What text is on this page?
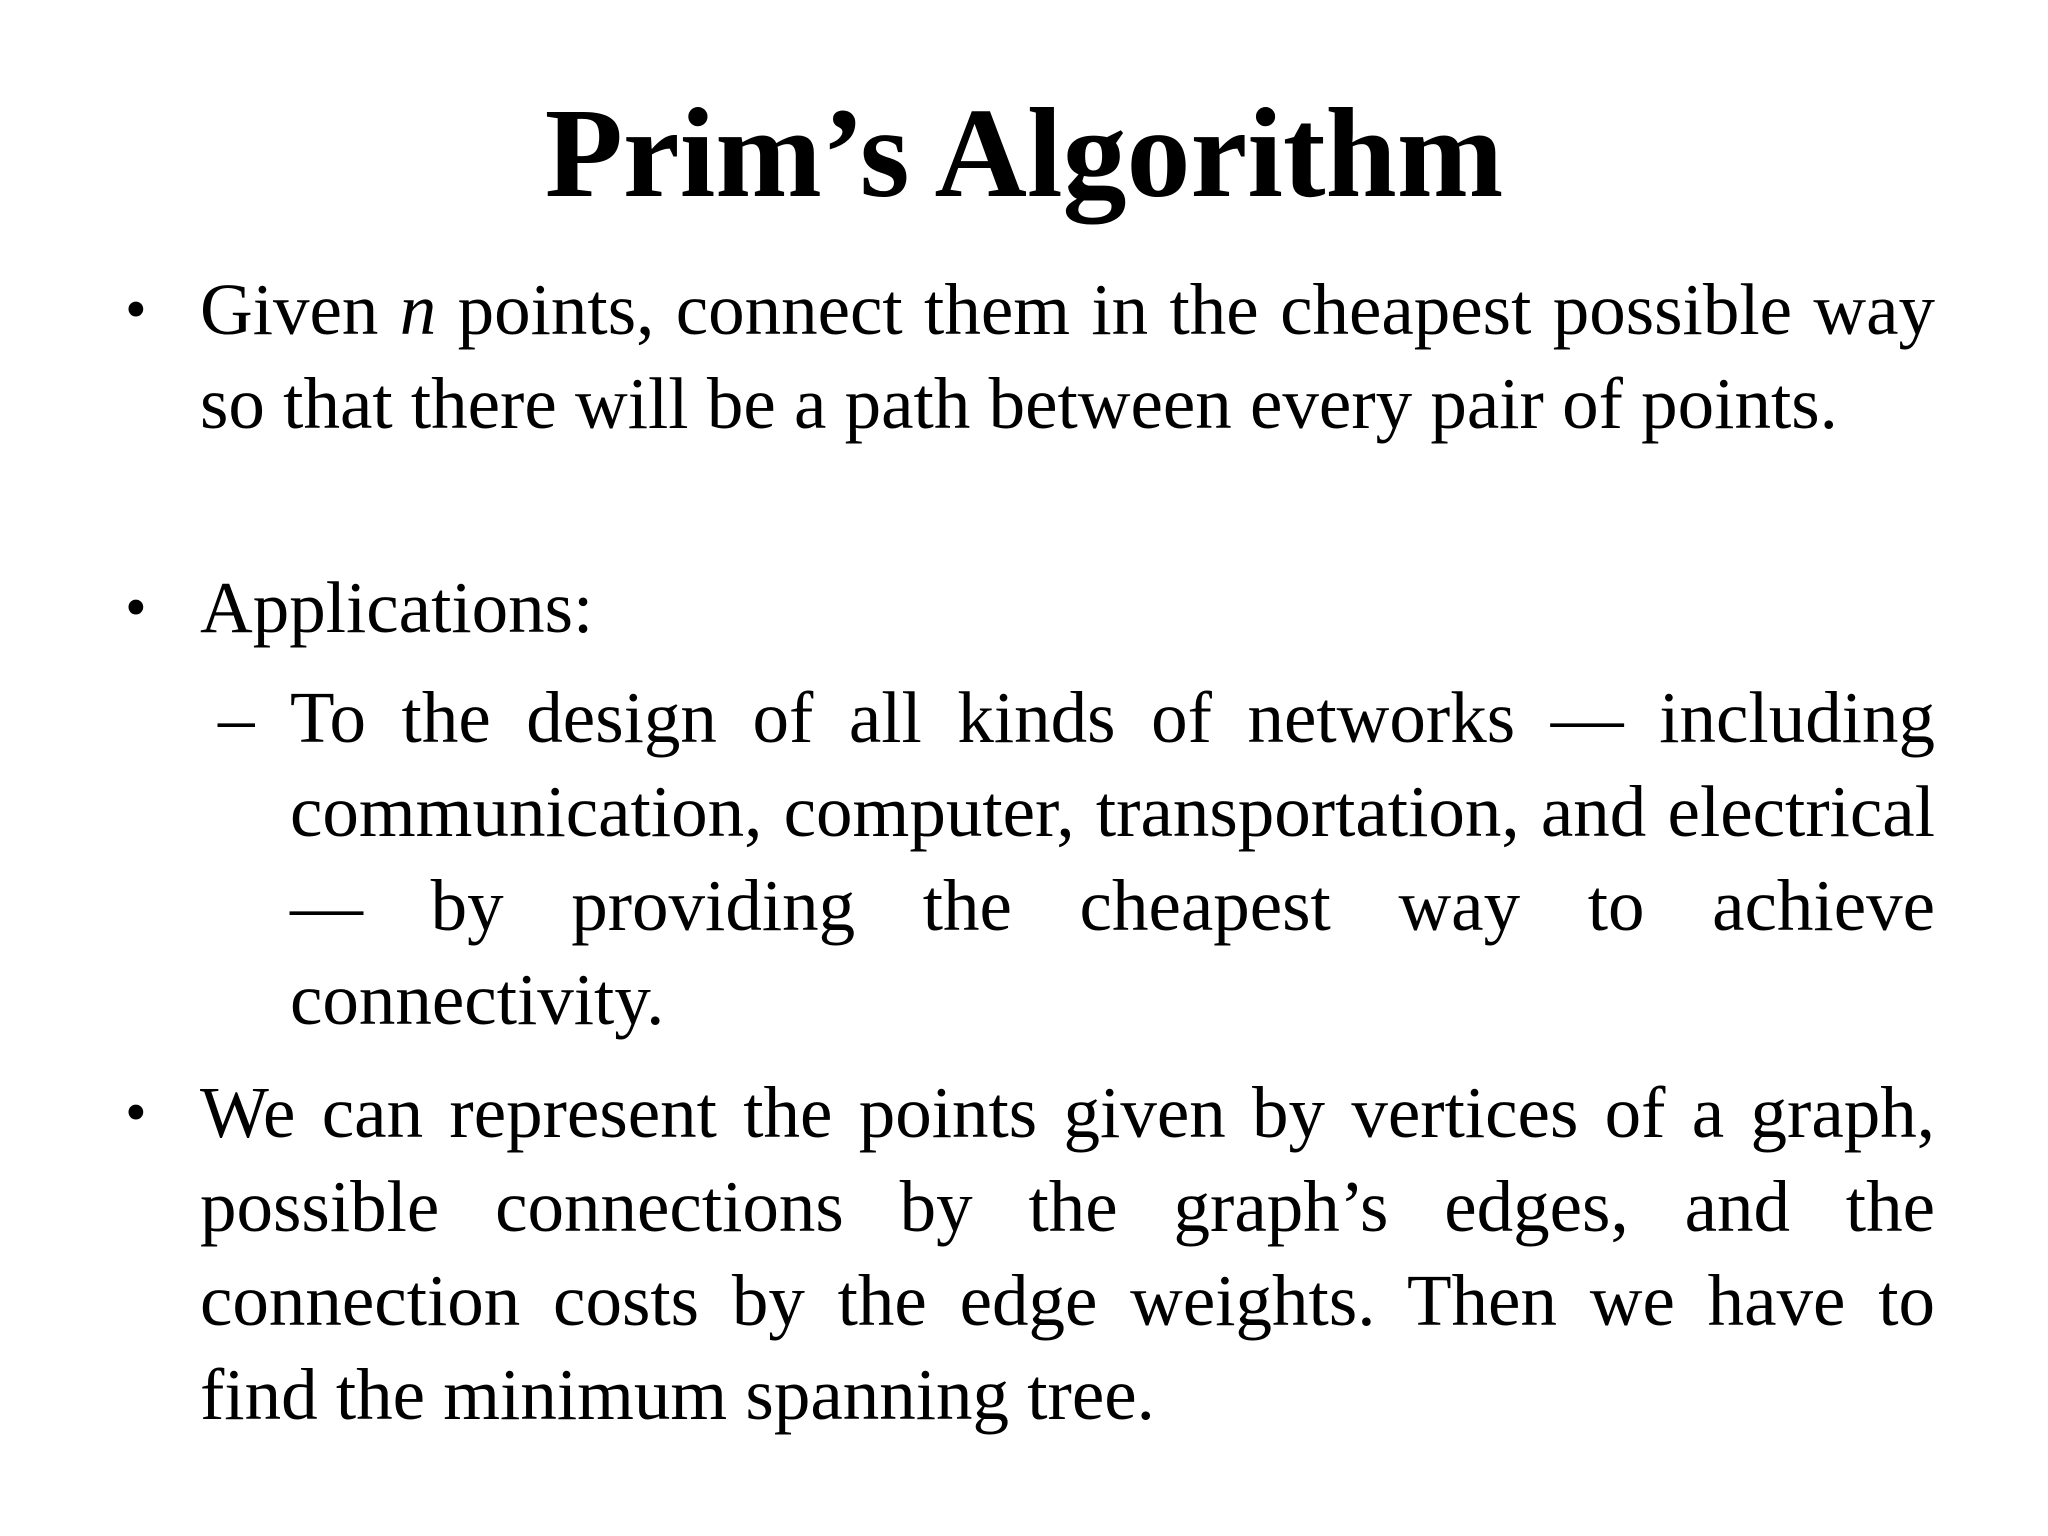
Prim’s Algorithm
• Given n points, connect them in the cheapest possible way so that there will be a path between every pair of points.
• Applications:
– To the design of all kinds of networks — including communication, computer, transportation, and electrical — by providing the cheapest way to achieve connectivity.
• We can represent the points given by vertices of a graph, possible connections by the graph’s edges, and the connection costs by the edge weights. Then we have to find the minimum spanning tree.
